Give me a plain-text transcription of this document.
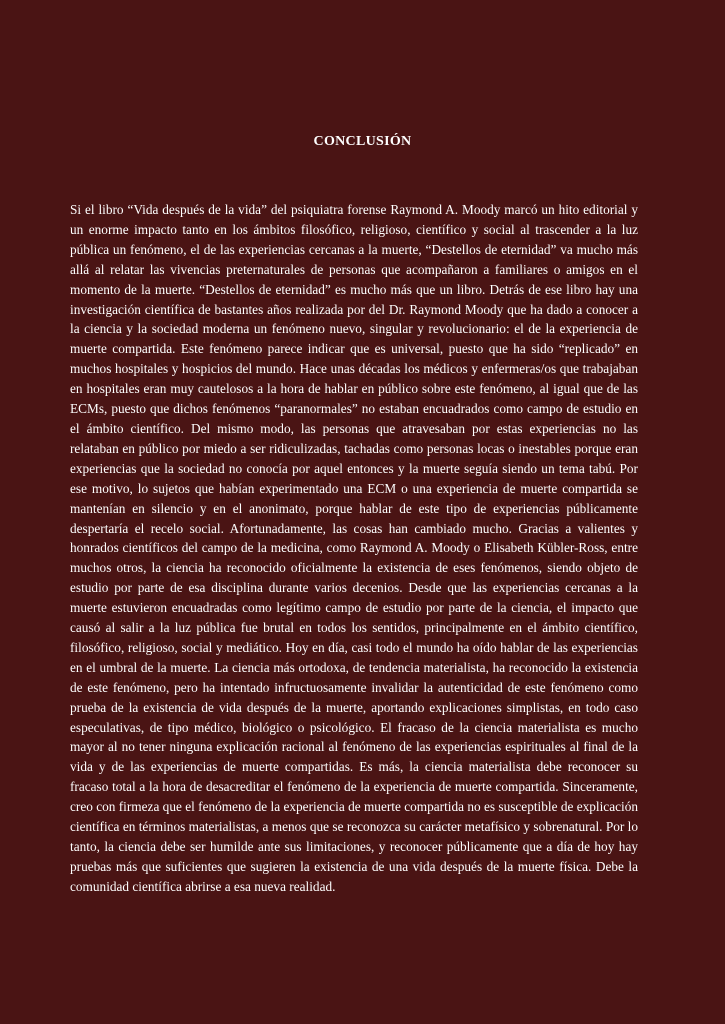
CONCLUSIÓN

Si el libro “Vida después de la vida” del psiquiatra forense Raymond A. Moody marcó un hito editorial y un enorme impacto tanto en los ámbitos filosófico, religioso, científico y social al trascender a la luz pública un fenómeno, el de las experiencias cercanas a la muerte, “Destellos de eternidad” va mucho más allá al relatar las vivencias preternaturales de personas que acompañaron a familiares o amigos en el momento de la muerte. “Destellos de eternidad” es mucho más que un libro. Detrás de ese libro hay una investigación científica de bastantes años realizada por del Dr. Raymond Moody que ha dado a conocer a la ciencia y la sociedad moderna un fenómeno nuevo, singular y revolucionario: el de la experiencia de muerte compartida. Este fenómeno parece indicar que es universal, puesto que ha sido “replicado” en muchos hospitales y hospicios del mundo. Hace unas décadas los médicos y enfermeras/os que trabajaban en hospitales eran muy cautelosos a la hora de hablar en público sobre este fenómeno, al igual que de las ECMs, puesto que dichos fenómenos “paranormales” no estaban encuadrados como campo de estudio en el ámbito científico. Del mismo modo, las personas que atravesaban por estas experiencias no las relataban en público por miedo a ser ridiculizadas, tachadas como personas locas o inestables porque eran experiencias que la sociedad no conocía por aquel entonces y la muerte seguía siendo un tema tabú. Por ese motivo, lo sujetos que habían experimentado una ECM o una experiencia de muerte compartida se mantenían en silencio y en el anonimato, porque hablar de este tipo de experiencias públicamente despertaría el recelo social. Afortunadamente, las cosas han cambiado mucho. Gracias a valientes y honrados científicos del campo de la medicina, como Raymond A. Moody o Elisabeth Kübler-Ross, entre muchos otros, la ciencia ha reconocido oficialmente la existencia de eses fenómenos, siendo objeto de estudio por parte de esa disciplina durante varios decenios. Desde que las experiencias cercanas a la muerte estuvieron encuadradas como legítimo campo de estudio por parte de la ciencia, el impacto que causó al salir a la luz pública fue brutal en todos los sentidos, principalmente en el ámbito científico, filosófico, religioso, social y mediático. Hoy en día, casi todo el mundo ha oído hablar de las experiencias en el umbral de la muerte. La ciencia más ortodoxa, de tendencia materialista, ha reconocido la existencia de este fenómeno, pero ha intentado infructuosamente invalidar la autenticidad de este fenómeno como prueba de la existencia de vida después de la muerte, aportando explicaciones simplistas, en todo caso especulativas, de tipo médico, biológico o psicológico. El fracaso de la ciencia materialista es mucho mayor al no tener ninguna explicación racional al fenómeno de las experiencias espirituales al final de la vida y de las experiencias de muerte compartidas. Es más, la ciencia materialista debe reconocer su fracaso total a la hora de desacreditar el fenómeno de la experiencia de muerte compartida. Sinceramente, creo con firmeza que el fenómeno de la experiencia de muerte compartida no es susceptible de explicación científica en términos materialistas, a menos que se reconozca su carácter metafísico y sobrenatural. Por lo tanto, la ciencia debe ser humilde ante sus limitaciones, y reconocer públicamente que a día de hoy hay pruebas más que suficientes que sugieren la existencia de una vida después de la muerte física. Debe la comunidad científica abrirse a esa nueva realidad.
